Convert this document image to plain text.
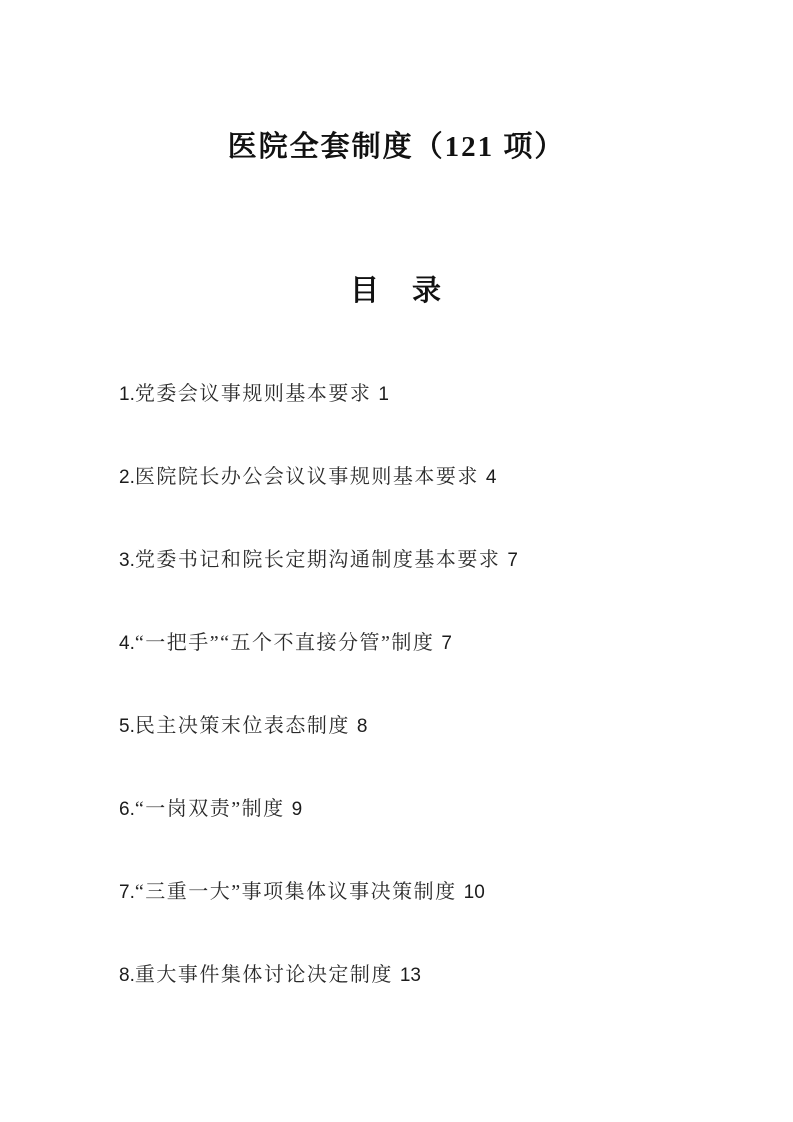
医院全套制度（121 项）
目　录
1.党委会议事规则基本要求 1
2.医院院长办公会议议事规则基本要求 4
3.党委书记和院长定期沟通制度基本要求 7
4.“一把手”“五个不直接分管”制度 7
5.民主决策末位表态制度 8
6.“一岗双责”制度 9
7.“三重一大”事项集体议事决策制度 10
8.重大事件集体讨论决定制度 13
